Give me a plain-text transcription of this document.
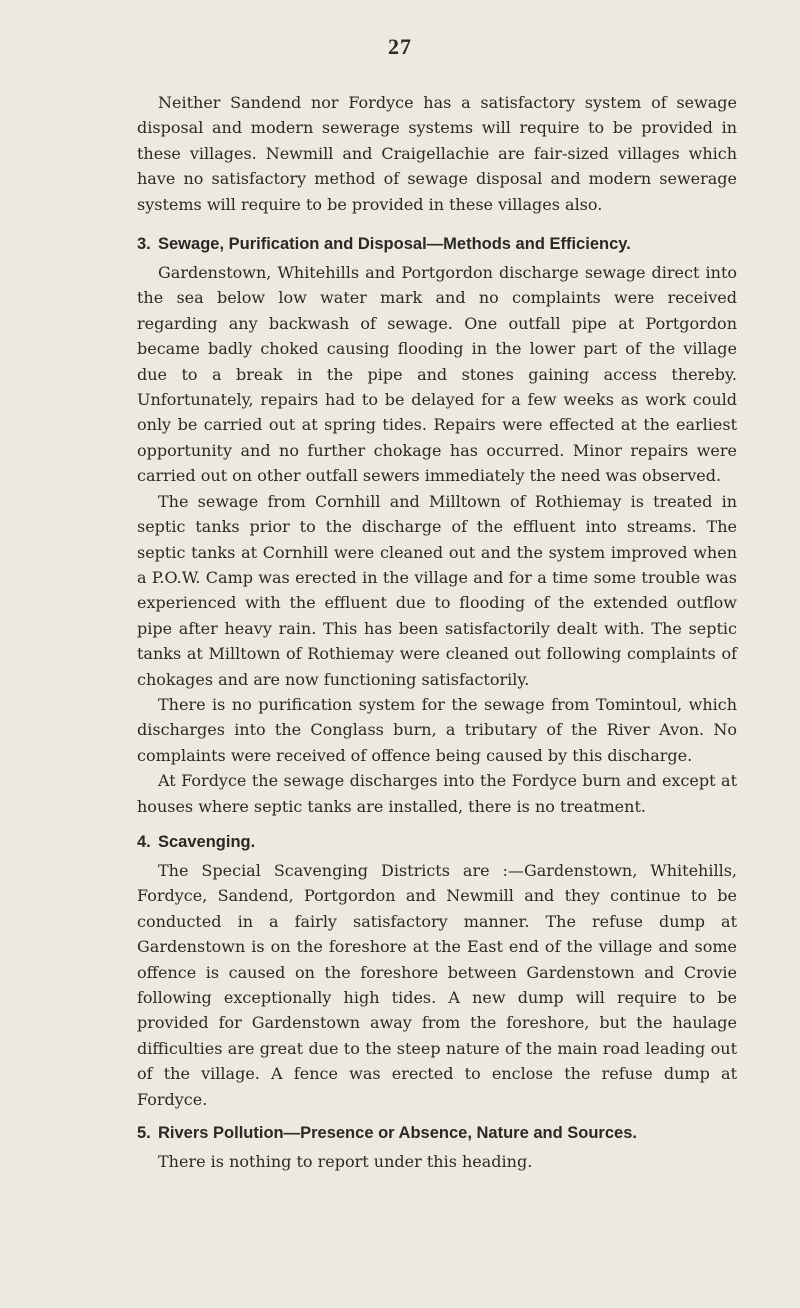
27

Neither Sandend nor Fordyce has a satisfactory system of sewage disposal and modern sewerage systems will require to be provided in these villages. Newmill and Craigellachie are fair-sized villages which have no satisfactory method of sewage disposal and modern sewerage systems will require to be provided in these villages also.

3. Sewage, Purification and Disposal—Methods and Efficiency.

Gardenstown, Whitehills and Portgordon discharge sewage direct into the sea below low water mark and no complaints were received regarding any backwash of sewage. One outfall pipe at Portgordon became badly choked causing flooding in the lower part of the village due to a break in the pipe and stones gaining access thereby. Unfortunately, repairs had to be delayed for a few weeks as work could only be carried out at spring tides. Repairs were effected at the earliest opportunity and no further chokage has occurred. Minor repairs were carried out on other outfall sewers immediately the need was observed.

The sewage from Cornhill and Milltown of Rothiemay is treated in septic tanks prior to the discharge of the effluent into streams. The septic tanks at Cornhill were cleaned out and the system improved when a P.O.W. Camp was erected in the village and for a time some trouble was experienced with the effluent due to flooding of the extended outflow pipe after heavy rain. This has been satisfactorily dealt with. The septic tanks at Milltown of Rothiemay were cleaned out following complaints of chokages and are now functioning satisfactorily.

There is no purification system for the sewage from Tomintoul, which discharges into the Conglass burn, a tributary of the River Avon. No complaints were received of offence being caused by this discharge.

At Fordyce the sewage discharges into the Fordyce burn and except at houses where septic tanks are installed, there is no treatment.

4. Scavenging.

The Special Scavenging Districts are :—Gardenstown, Whitehills, Fordyce, Sandend, Portgordon and Newmill and they continue to be conducted in a fairly satisfactory manner. The refuse dump at Gardenstown is on the foreshore at the East end of the village and some offence is caused on the foreshore between Gardenstown and Crovie following exceptionally high tides. A new dump will require to be provided for Gardenstown away from the foreshore, but the haulage difficulties are great due to the steep nature of the main road leading out of the village. A fence was erected to enclose the refuse dump at Fordyce.

5. Rivers Pollution—Presence or Absence, Nature and Sources.

There is nothing to report under this heading.
